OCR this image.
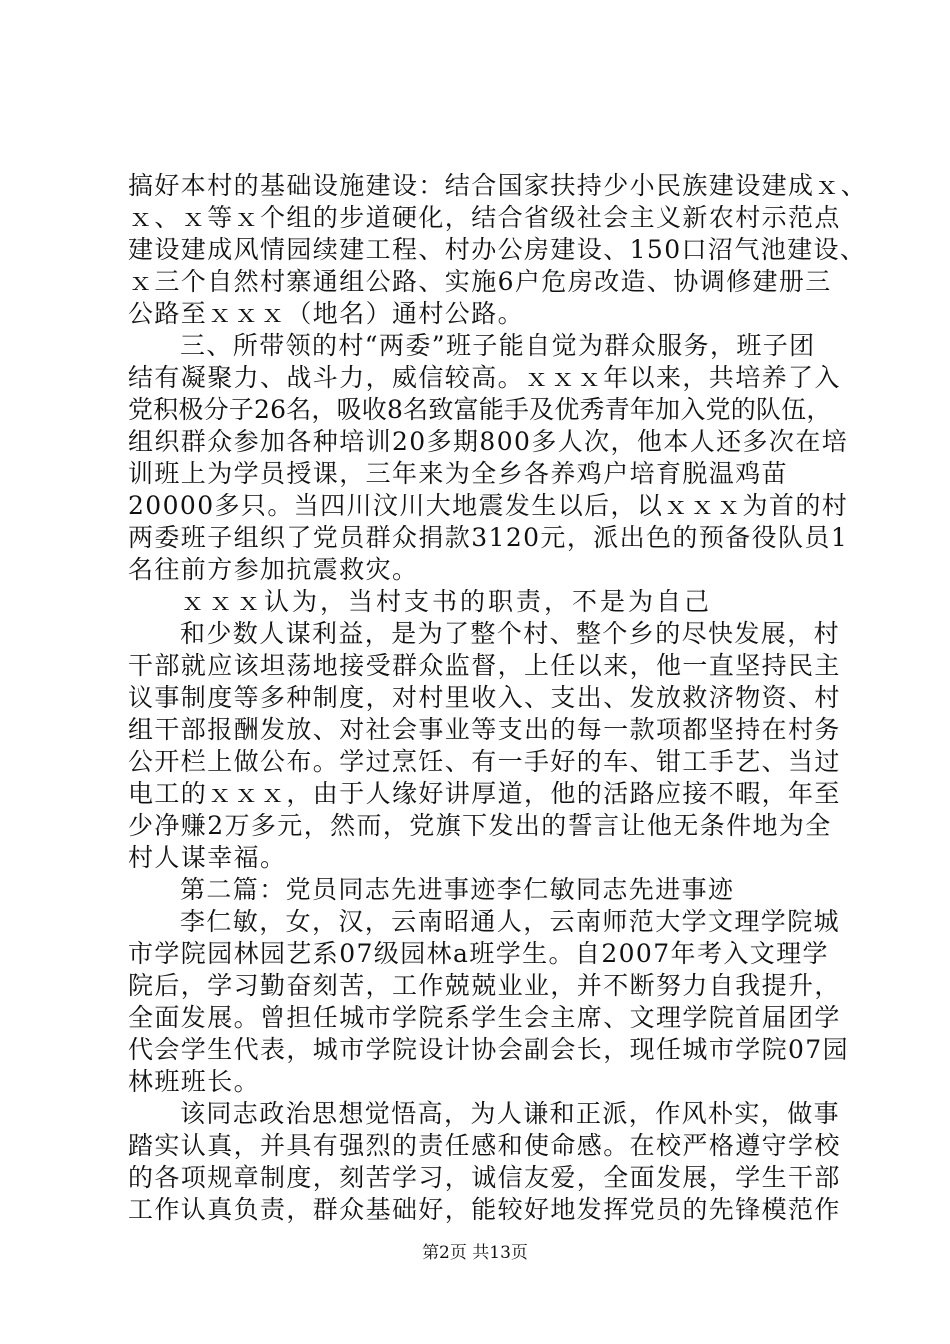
搞好本村的基础设施建设：结合国家扶持少小民族建设建成ｘ、
ｘ、ｘ等ｘ个组的步道硬化，结合省级社会主义新农村示范点
建设建成风情园续建工程、村办公房建设、150口沼气池建设、
ｘ三个自然村寨通组公路、实施6户危房改造、协调修建册三
公路至ｘｘｘ（地名）通村公路。
三、所带领的村“两委”班子能自觉为群众服务，班子团
结有凝聚力、战斗力，威信较高。ｘｘｘ年以来，共培养了入
党积极分子26名，吸收8名致富能手及优秀青年加入党的队伍，
组织群众参加各种培训20多期800多人次，他本人还多次在培
训班上为学员授课，三年来为全乡各养鸡户培育脱温鸡苗
20000多只。当四川汶川大地震发生以后，以ｘｘｘ为首的村
两委班子组织了党员群众捐款3120元，派出色的预备役队员1
名往前方参加抗震救灾。
ｘｘｘ认为，当村支书的职责，不是为自己
和少数人谋利益，是为了整个村、整个乡的尽快发展，村
干部就应该坦荡地接受群众监督，上任以来，他一直坚持民主
议事制度等多种制度，对村里收入、支出、发放救济物资、村
组干部报酬发放、对社会事业等支出的每一款项都坚持在村务
公开栏上做公布。学过烹饪、有一手好的车、钳工手艺、当过
电工的ｘｘｘ，由于人缘好讲厚道，他的活路应接不暇，年至
少净赚2万多元，然而，党旗下发出的誓言让他无条件地为全
村人谋幸福。
第二篇：党员同志先进事迹李仁敏同志先进事迹
李仁敏，女，汉，云南昭通人，云南师范大学文理学院城
市学院园林园艺系07级园林a班学生。自2007年考入文理学
院后，学习勤奋刻苦，工作兢兢业业，并不断努力自我提升，
全面发展。曾担任城市学院系学生会主席、文理学院首届团学
代会学生代表，城市学院设计协会副会长，现任城市学院07园
林班班长。
该同志政治思想觉悟高，为人谦和正派，作风朴实，做事
踏实认真，并具有强烈的责任感和使命感。在校严格遵守学校
的各项规章制度，刻苦学习，诚信友爱，全面发展，学生干部
工作认真负责，群众基础好，能较好地发挥党员的先锋模范作
第2页 共13页
